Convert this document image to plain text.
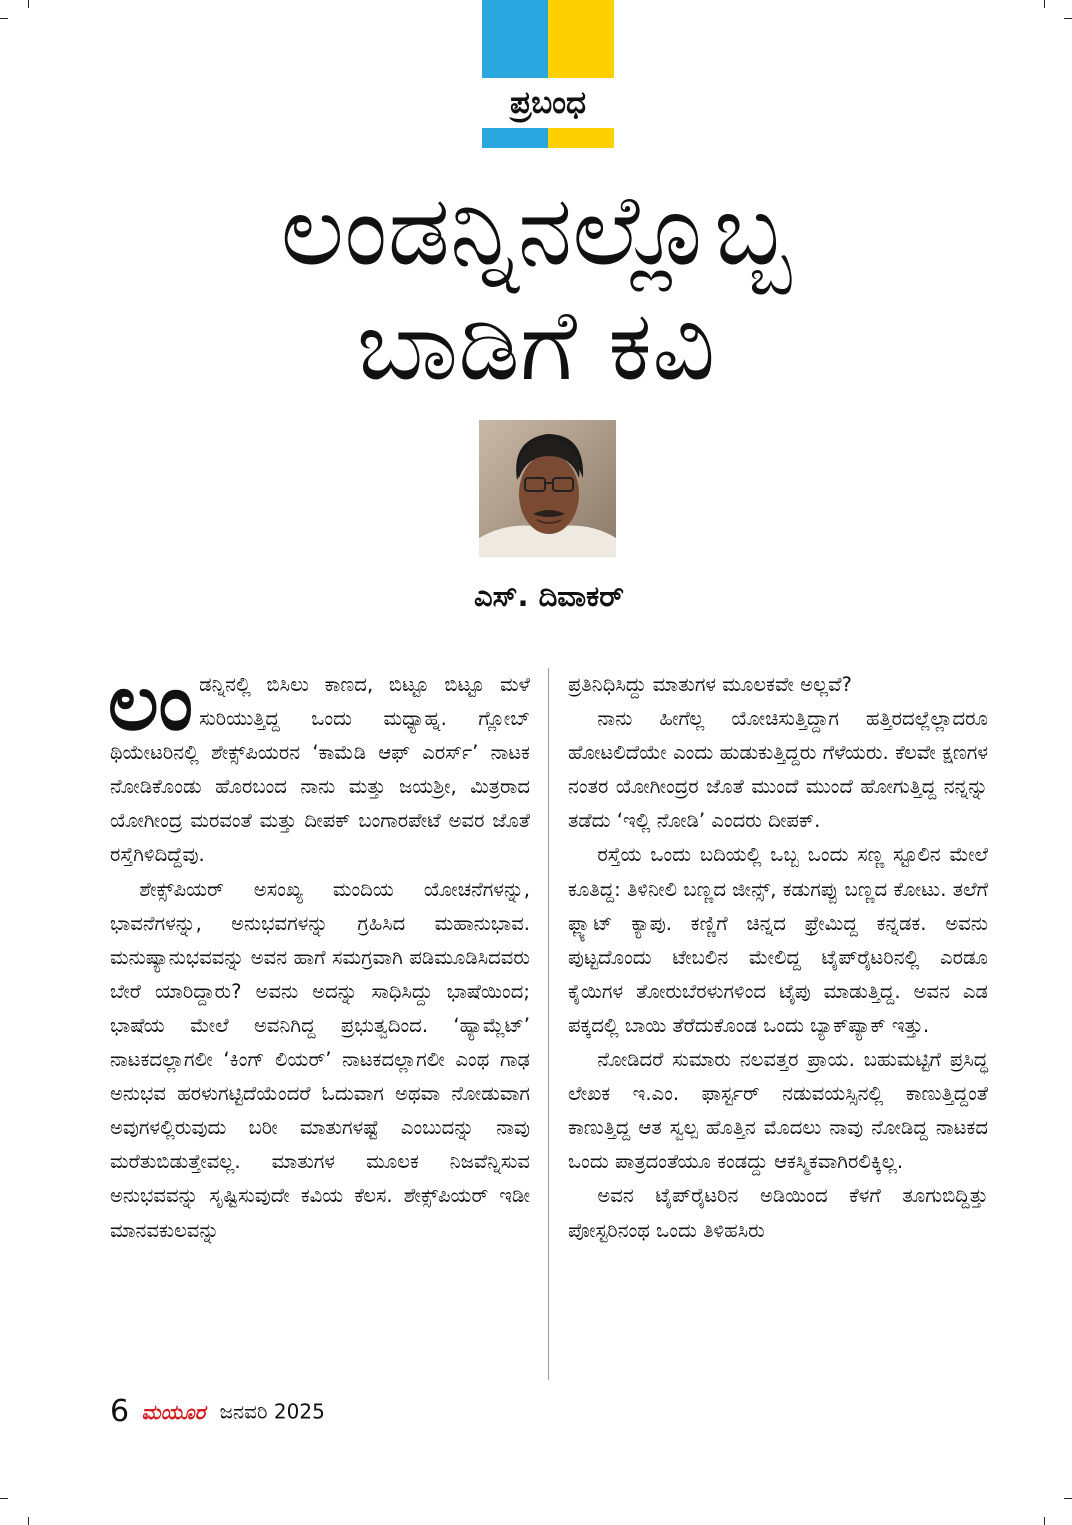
ಪ್ರಬಂಧ
ಲಂಡನ್ನಿನಲ್ಲೊಬ್ಬ
ಬಾಡಿಗೆ ಕವಿ
ಎಸ್‌. ದಿವಾಕರ್

ಲಂಡನ್ನಿನಲ್ಲಿ ಬಿಸಿಲು ಕಾಣದ, ಬಿಟ್ಟೂ ಬಿಟ್ಟೂ ಮಳೆ ಸುರಿಯುತ್ತಿದ್ದ ಒಂದು ಮಧ್ಯಾಹ್ನ. ಗ್ಲೋಬ್ ಥಿಯೇಟರಿನಲ್ಲಿ ಶೇಕ್ಸ್‌ಪಿಯರನ ‘ಕಾಮೆಡಿ ಆಫ್ ಎರರ್ಸ್’ ನಾಟಕ ನೋಡಿಕೊಂಡು ಹೊರಬಂದ ನಾನು ಮತ್ತು ಜಯಶ್ರೀ, ಮಿತ್ರರಾದ ಯೋಗೀಂದ್ರ ಮರವಂತೆ ಮತ್ತು ದೀಪಕ್ ಬಂಗಾರಪೇಟೆ ಅವರ ಜೊತೆ ರಸ್ತೆಗಿಳಿದಿದ್ದೆವು.

ಶೇಕ್ಸ್‌ಪಿಯರ್ ಅಸಂಖ್ಯ ಮಂದಿಯ ಯೋಚನೆಗಳನ್ನು, ಭಾವನೆಗಳನ್ನು, ಅನುಭವಗಳನ್ನು ಗ್ರಹಿಸಿದ ಮಹಾನುಭಾವ. ಮನುಷ್ಯಾನುಭವವನ್ನು ಅವನ ಹಾಗೆ ಸಮಗ್ರವಾಗಿ ಪಡಿಮೂಡಿಸಿದವರು ಬೇರೆ ಯಾರಿದ್ದಾರು? ಅವನು ಅದನ್ನು ಸಾಧಿಸಿದ್ದು ಭಾಷೆಯಿಂದ; ಭಾಷೆಯ ಮೇಲೆ ಅವನಿಗಿದ್ದ ಪ್ರಭುತ್ವದಿಂದ. ‘ಹ್ಯಾಮ್ಲೆಟ್’ ನಾಟಕದಲ್ಲಾಗಲೀ ‘ಕಿಂಗ್ ಲಿಯರ್’ ನಾಟಕದಲ್ಲಾಗಲೀ ಎಂಥ ಗಾಢ ಅನುಭವ ಹರಳುಗಟ್ಟಿದೆಯೆಂದರೆ ಓದುವಾಗ ಅಥವಾ ನೋಡುವಾಗ ಅವುಗಳಲ್ಲಿರುವುದು ಬರೀ ಮಾತುಗಳಷ್ಟೆ ಎಂಬುದನ್ನು ನಾವು ಮರೆತುಬಿಡುತ್ತೇವಲ್ಲ. ಮಾತುಗಳ ಮೂಲಕ ನಿಜವೆನ್ನಿಸುವ ಅನುಭವವನ್ನು ಸೃಷ್ಟಿಸುವುದೇ ಕವಿಯ ಕೆಲಸ. ಶೇಕ್ಸ್‌ಪಿಯರ್ ಇಡೀ ಮಾನವಕುಲವನ್ನು

ಪ್ರತಿನಿಧಿಸಿದ್ದು ಮಾತುಗಳ ಮೂಲಕವೇ ಅಲ್ಲವೆ?

ನಾನು ಹೀಗೆಲ್ಲ ಯೋಚಿಸುತ್ತಿದ್ದಾಗ ಹತ್ತಿರದಲ್ಲೆಲ್ಲಾದರೂ ಹೋಟಲಿದೆಯೇ ಎಂದು ಹುಡುಕುತ್ತಿದ್ದರು ಗೆಳೆಯರು. ಕೆಲವೇ ಕ್ಷಣಗಳ ನಂತರ ಯೋಗೀಂದ್ರರ ಜೊತೆ ಮುಂದೆ ಮುಂದೆ ಹೋಗುತ್ತಿದ್ದ ನನ್ನನ್ನು ತಡೆದು ‘ಇಲ್ಲಿ ನೋಡಿ’ ಎಂದರು ದೀಪಕ್.

ರಸ್ತೆಯ ಒಂದು ಬದಿಯಲ್ಲಿ ಒಬ್ಬ ಒಂದು ಸಣ್ಣ ಸ್ಟೂಲಿನ ಮೇಲೆ ಕೂತಿದ್ದ: ತಿಳಿನೀಲಿ ಬಣ್ಣದ ಜೀನ್ಸ್, ಕಡುಗಪ್ಪು ಬಣ್ಣದ ಕೋಟು. ತಲೆಗೆ ಫ್ಲ್ಯಾಟ್ ಕ್ಯಾಪು. ಕಣ್ಣಿಗೆ ಚಿನ್ನದ ಫ್ರೇಮಿದ್ದ ಕನ್ನಡಕ. ಅವನು ಪುಟ್ಟದೊಂದು ಟೇಬಲಿನ ಮೇಲಿದ್ದ ಟೈಪ್‌ರೈಟರಿನಲ್ಲಿ ಎರಡೂ ಕೈಯಿಗಳ ತೋರುಬೆರಳುಗಳಿಂದ ಟೈಪು ಮಾಡುತ್ತಿದ್ದ. ಅವನ ಎಡ ಪಕ್ಕದಲ್ಲಿ ಬಾಯಿ ತೆರೆದುಕೊಂಡ ಒಂದು ಬ್ಯಾಕ್‌ಪ್ಯಾಕ್ ಇತ್ತು.

ನೋಡಿದರೆ ಸುಮಾರು ನಲವತ್ತರ ಪ್ರಾಯ. ಬಹುಮಟ್ಟಿಗೆ ಪ್ರಸಿದ್ಧ ಲೇಖಕ ಇ.ಎಂ. ಫಾರ್ಸ್ಟರ್ ನಡುವಯಸ್ಸಿನಲ್ಲಿ ಕಾಣುತ್ತಿದ್ದಂತೆ ಕಾಣುತ್ತಿದ್ದ ಆತ ಸ್ವಲ್ಪ ಹೊತ್ತಿನ ಮೊದಲು ನಾವು ನೋಡಿದ್ದ ನಾಟಕದ ಒಂದು ಪಾತ್ರದಂತೆಯೂ ಕಂಡದ್ದು ಆಕಸ್ಮಿಕವಾಗಿರಲಿಕ್ಕಿಲ್ಲ.

ಅವನ ಟೈಪ್‌ರೈಟರಿನ ಅಡಿಯಿಂದ ಕೆಳಗೆ ತೂಗುಬಿದ್ದಿತ್ತು ಪೋಸ್ಟರಿನಂಥ ಒಂದು ತಿಳಿಹಸಿರು

6 ಮಯೂರ ಜನವರಿ 2025
